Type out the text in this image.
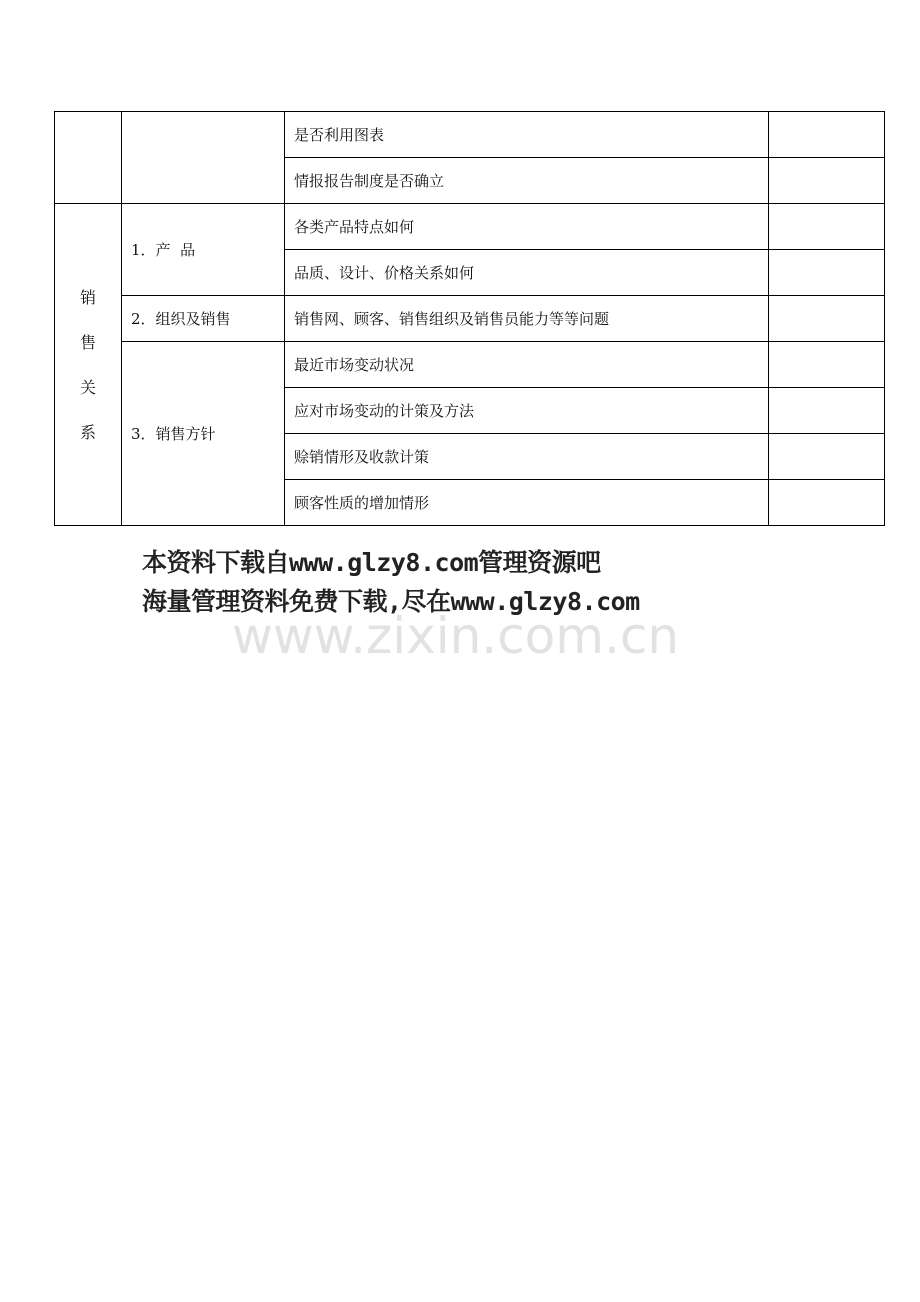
		是否利用图表	
		情报报告制度是否确立	
销售关系	1．产  品	各类产品特点如何	
		品质、设计、价格关系如何	
	2．组织及销售	销售网、顾客、销售组织及销售员能力等等问题	
	3．销售方针	最近市场变动状况	
		应对市场变动的计策及方法	
		赊销情形及收款计策	
		顾客性质的增加情形	
本资料下载自www.glzy8.com管理资源吧
海量管理资料免费下载,尽在www.glzy8.com
www.zixin.com.cn
